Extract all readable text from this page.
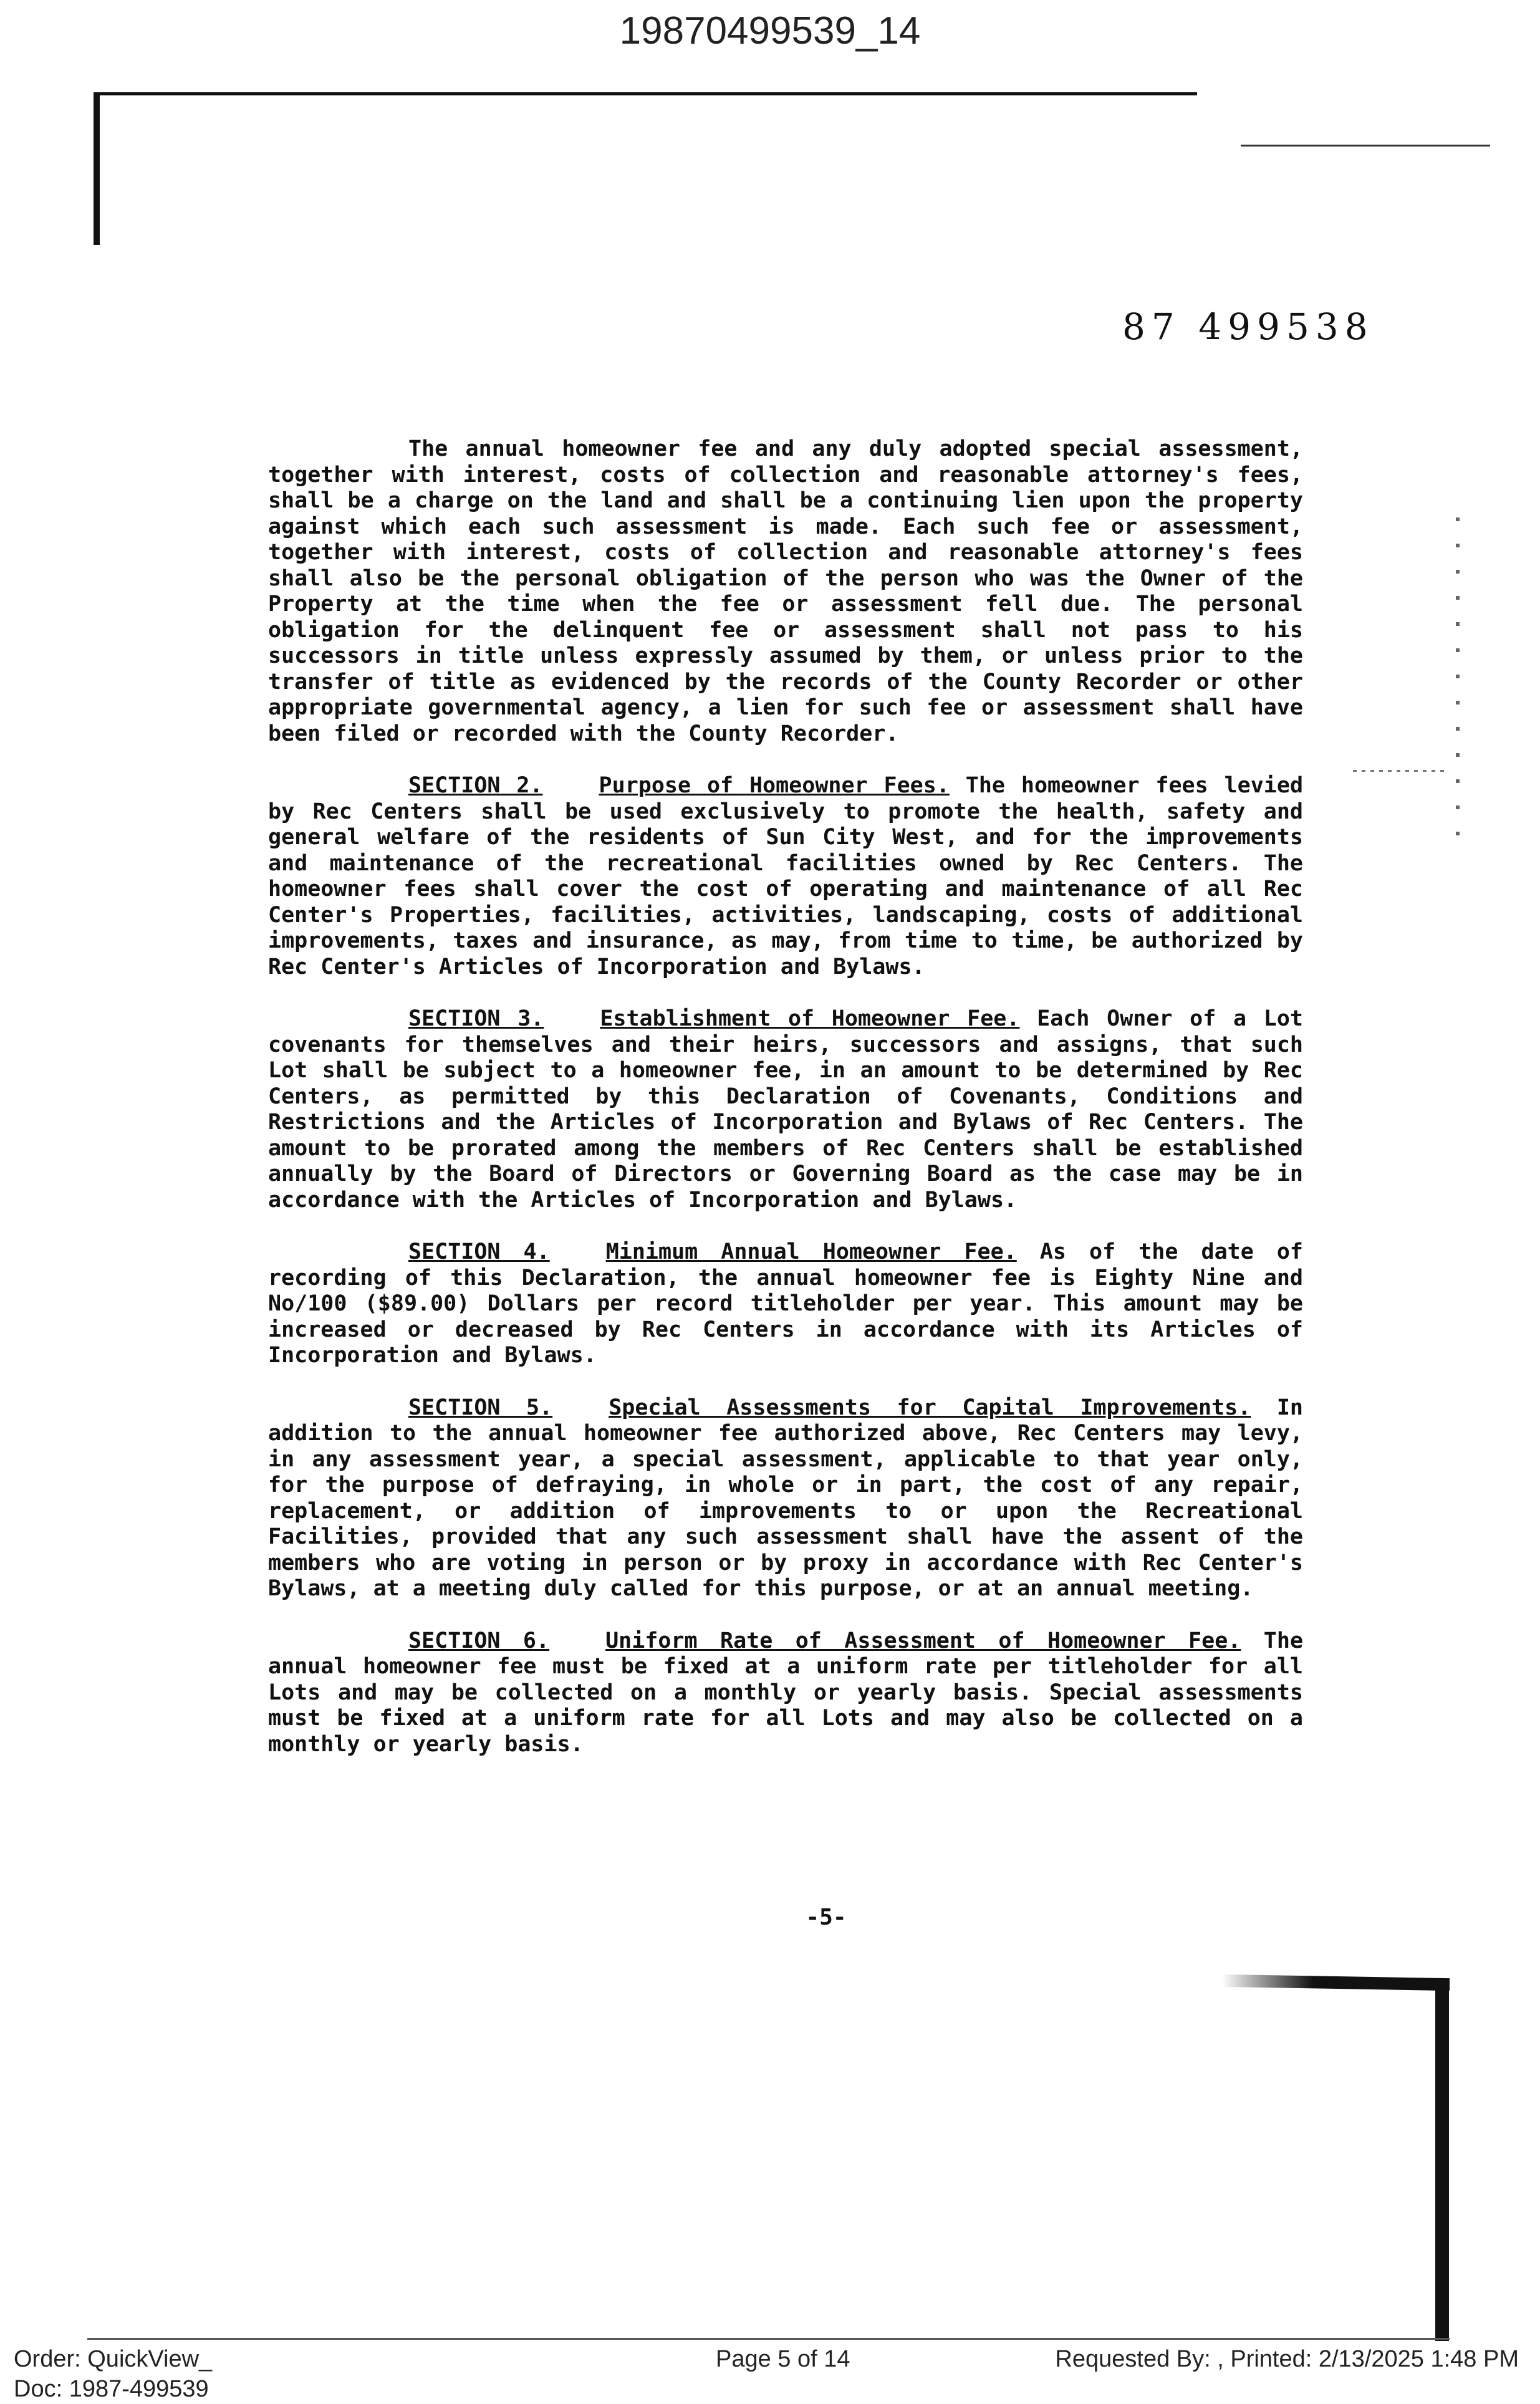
19870499539_14
87 499538

The annual homeowner fee and any duly adopted special assessment, together with interest, costs of collection and reasonable attorney's fees, shall be a charge on the land and shall be a continuing lien upon the property against which each such assessment is made. Each such fee or assessment, together with interest, costs of collection and reasonable attorney's fees shall also be the personal obligation of the person who was the Owner of the Property at the time when the fee or assessment fell due. The personal obligation for the delinquent fee or assessment shall not pass to his successors in title unless expressly assumed by them, or unless prior to the transfer of title as evidenced by the records of the County Recorder or other appropriate governmental agency, a lien for such fee or assessment shall have been filed or recorded with the County Recorder.

SECTION 2.	Purpose of Homeowner Fees. The homeowner fees levied by Rec Centers shall be used exclusively to promote the health, safety and general welfare of the residents of Sun City West, and for the improvements and maintenance of the recreational facilities owned by Rec Centers. The homeowner fees shall cover the cost of operating and maintenance of all Rec Center's Properties, facilities, activities, landscaping, costs of additional improvements, taxes and insurance, as may, from time to time, be authorized by Rec Center's Articles of Incorporation and Bylaws.

SECTION 3.	Establishment of Homeowner Fee. Each Owner of a Lot covenants for themselves and their heirs, successors and assigns, that such Lot shall be subject to a homeowner fee, in an amount to be determined by Rec Centers, as permitted by this Declaration of Covenants, Conditions and Restrictions and the Articles of Incorporation and Bylaws of Rec Centers. The amount to be prorated among the members of Rec Centers shall be established annually by the Board of Directors or Governing Board as the case may be in accordance with the Articles of Incorporation and Bylaws.

SECTION 4.	Minimum Annual Homeowner Fee. As of the date of recording of this Declaration, the annual homeowner fee is Eighty Nine and No/100 ($89.00) Dollars per record titleholder per year. This amount may be increased or decreased by Rec Centers in accordance with its Articles of Incorporation and Bylaws.

SECTION 5.	Special Assessments for Capital Improvements. In addition to the annual homeowner fee authorized above, Rec Centers may levy, in any assessment year, a special assessment, applicable to that year only, for the purpose of defraying, in whole or in part, the cost of any repair, replacement, or addition of improvements to or upon the Recreational Facilities, provided that any such assessment shall have the assent of the members who are voting in person or by proxy in accordance with Rec Center's Bylaws, at a meeting duly called for this purpose, or at an annual meeting.

SECTION 6.	Uniform Rate of Assessment of Homeowner Fee. The annual homeowner fee must be fixed at a uniform rate per titleholder for all Lots and may be collected on a monthly or yearly basis. Special assessments must be fixed at a uniform rate for all Lots and may also be collected on a monthly or yearly basis.

-5-
Order: QuickView_
Doc: 1987-499539
Page 5 of 14	Requested By: , Printed: 2/13/2025 1:48 PM
